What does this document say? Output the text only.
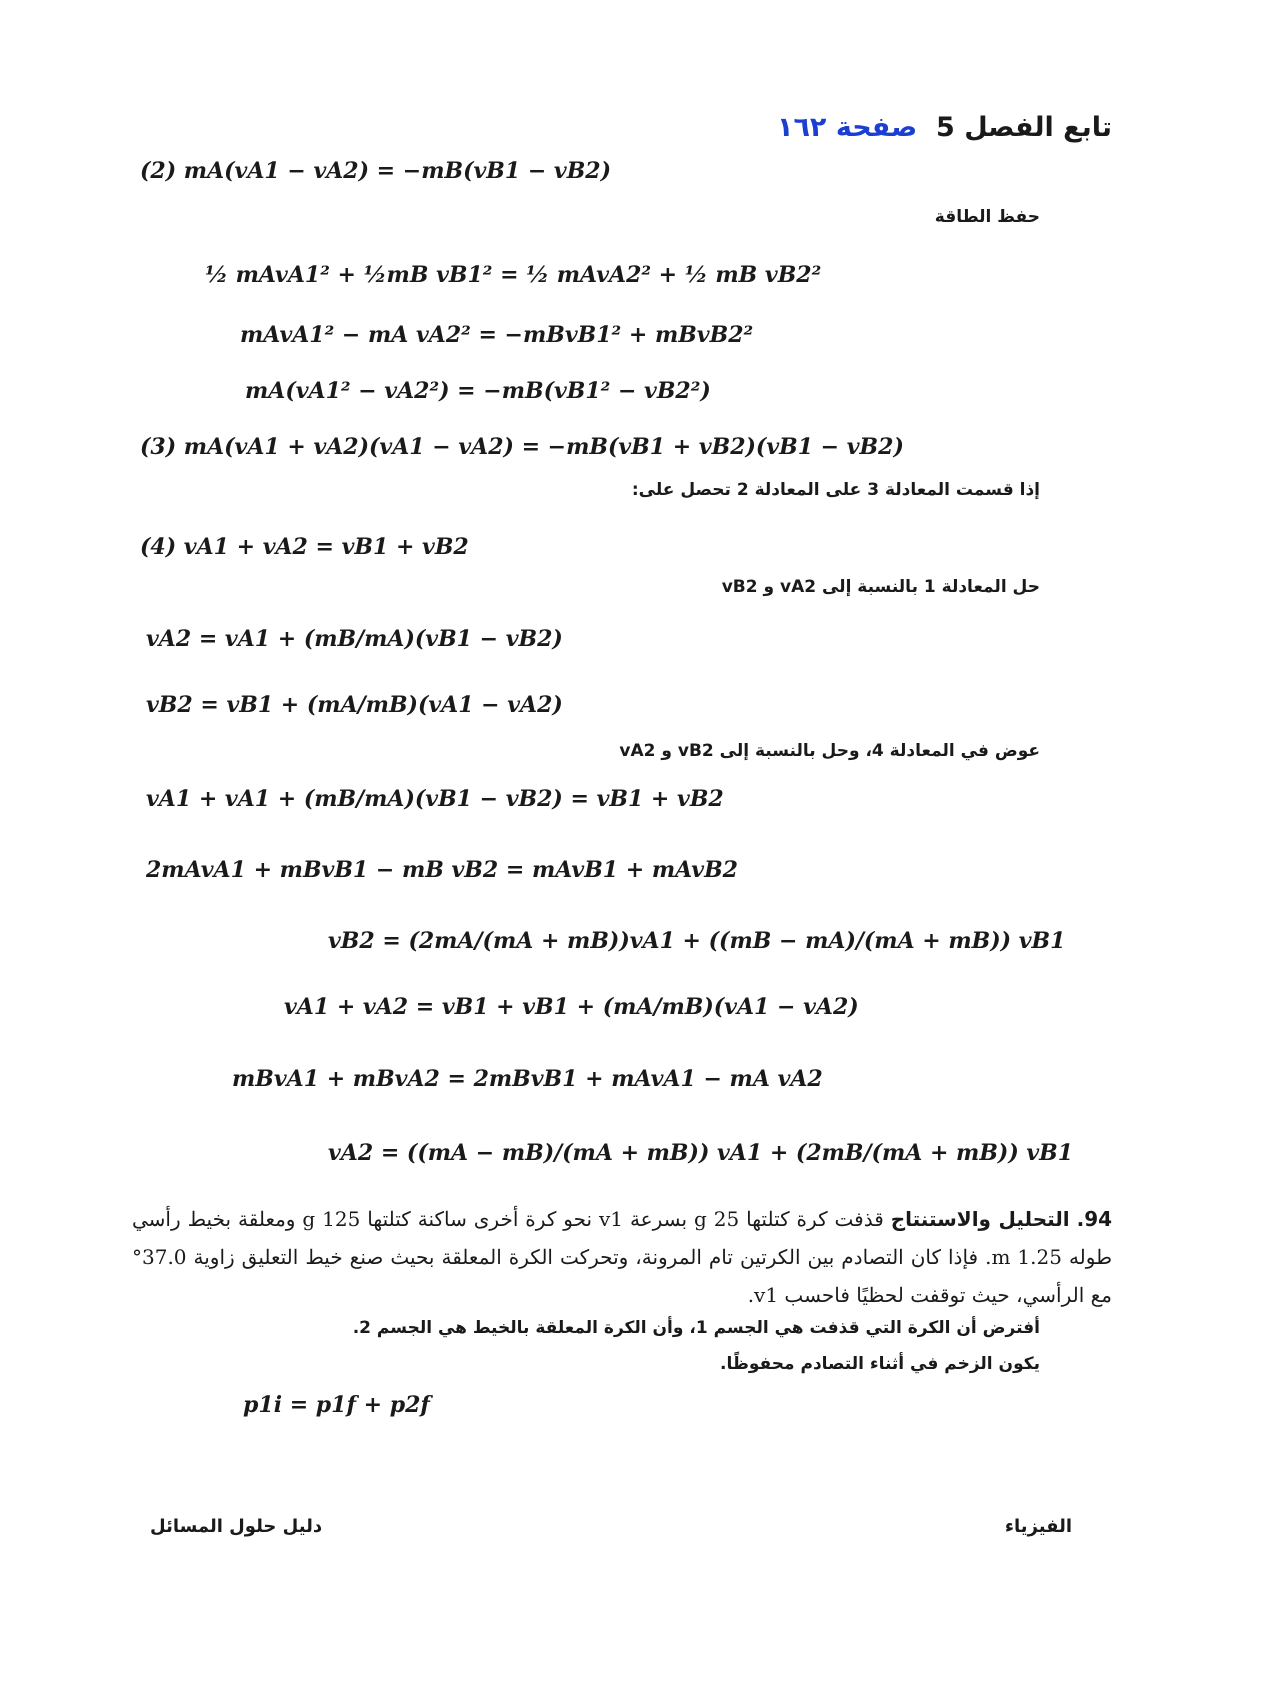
تابع الفصل 5  صفحة ١٦٢
(2) mA(vA1 − vA2) = −mB(vB1 − vB2)
حفظ الطاقة
½ mAvA1² + ½mB vB1² = ½ mAvA2² + ½ mB vB2²
mAvA1² − mA vA2² = −mBvB1² + mBvB2²
mA(vA1² − vA2²) = −mB(vB1² − vB2²)
(3) mA(vA1 + vA2)(vA1 − vA2) = −mB(vB1 + vB2)(vB1 − vB2)
إذا قسمت المعادلة 3 على المعادلة 2 تحصل على:
(4) vA1 + vA2 = vB1 + vB2
حل المعادلة 1 بالنسبة إلى vA2 و vB2
vA2 = vA1 + (mB/mA)(vB1 − vB2)
vB2 = vB1 + (mA/mB)(vA1 − vA2)
عوض في المعادلة 4، وحل بالنسبة إلى vB2 و vA2
vA1 + vA1 + (mB/mA)(vB1 − vB2) = vB1 + vB2
2mAvA1 + mBvB1 − mB vB2 = mAvB1 + mAvB2
vB2 = (2mA/(mA + mB))vA1 + ((mB − mA)/(mA + mB)) vB1
vA1 + vA2 = vB1 + vB1 + (mA/mB)(vA1 − vA2)
mBvA1 + mBvA2 = 2mBvB1 + mAvA1 − mA vA2
vA2 = ((mA − mB)/(mA + mB)) vA1 + (2mB/(mA + mB)) vB1
94. التحليل والاستنتاج قذفت كرة كتلتها 25 g بسرعة v1 نحو كرة أخرى ساكنة كتلتها 125 g ومعلقة بخيط رأسي طوله 1.25 m. فإذا كان التصادم بين الكرتين تام المرونة، وتحركت الكرة المعلقة بحيث صنع خيط التعليق زاوية 37.0° مع الرأسي، حيث توقفت لحظيًا فاحسب v1.
أفترض أن الكرة التي قذفت هي الجسم 1، وأن الكرة المعلقة بالخيط هي الجسم 2.
يكون الزخم في أثناء التصادم محفوظًا.
p1i = p1f + p2f
دليل حلول المسائل	الفيزياء
